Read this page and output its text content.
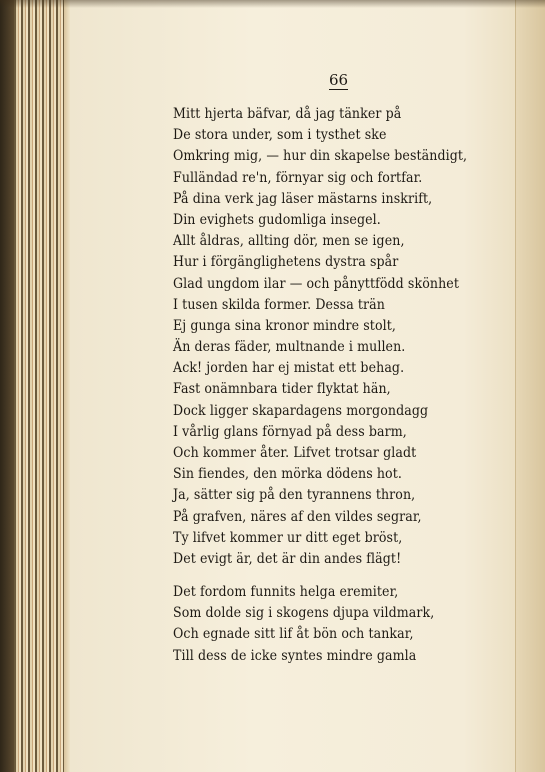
66
Mitt hjerta bäfvar, då jag tänker på
De stora under, som i tysthet ske
Omkring mig, — hur din skapelse beständigt,
Fulländad re'n, förnyar sig och fortfar.
På dina verk jag läser mästarns inskrift,
Din evighets gudomliga insegel.
Allt åldras, allting dör, men se igen,
Hur i förgänglighetens dystra spår
Glad ungdom ilar — och pånyttfödd skönhet
I tusen skilda former. Dessa trän
Ej gunga sina kronor mindre stolt,
Än deras fäder, multnande i mullen.
Ack! jorden har ej mistat ett behag.
Fast onämnbara tider flyktat hän,
Dock ligger skapardagens morgondagg
I vårlig glans förnyad på dess barm,
Och kommer åter. Lifvet trotsar gladt
Sin fiendes, den mörka dödens hot.
Ja, sätter sig på den tyrannens thron,
På grafven, näres af den vildes segrar,
Ty lifvet kommer ur ditt eget bröst,
Det evigt är, det är din andes flägt!
Det fordom funnits helga eremiter,
Som dolde sig i skogens djupa vildmark,
Och egnade sitt lif åt bön och tankar,
Till dess de icke syntes mindre gamla
